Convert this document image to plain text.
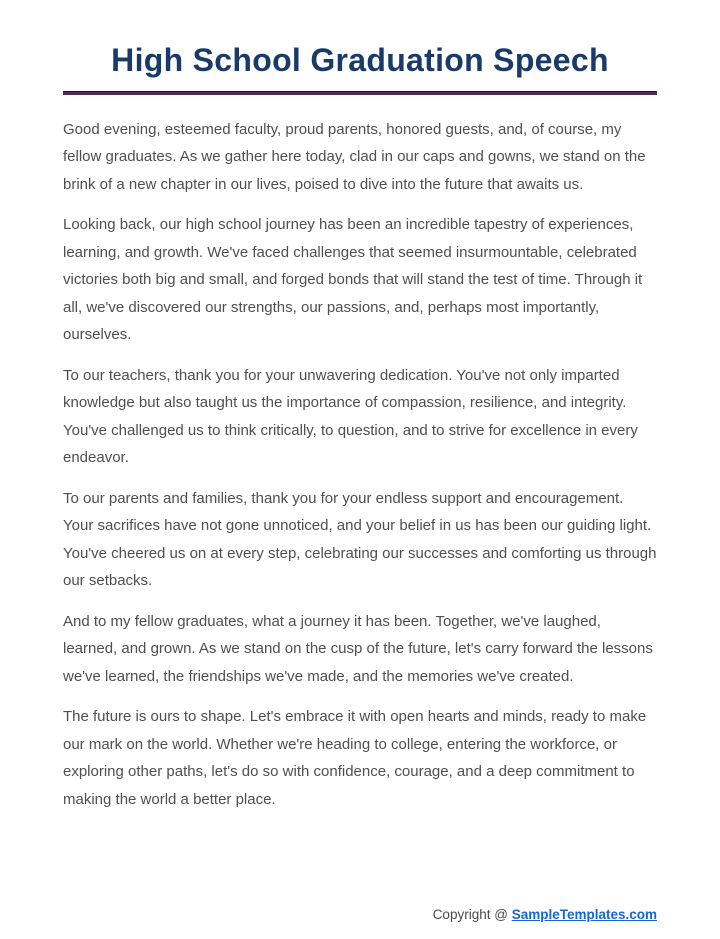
High School Graduation Speech

Good evening, esteemed faculty, proud parents, honored guests, and, of course, my fellow graduates. As we gather here today, clad in our caps and gowns, we stand on the brink of a new chapter in our lives, poised to dive into the future that awaits us.

Looking back, our high school journey has been an incredible tapestry of experiences, learning, and growth. We've faced challenges that seemed insurmountable, celebrated victories both big and small, and forged bonds that will stand the test of time. Through it all, we've discovered our strengths, our passions, and, perhaps most importantly, ourselves.

To our teachers, thank you for your unwavering dedication. You've not only imparted knowledge but also taught us the importance of compassion, resilience, and integrity. You've challenged us to think critically, to question, and to strive for excellence in every endeavor.

To our parents and families, thank you for your endless support and encouragement. Your sacrifices have not gone unnoticed, and your belief in us has been our guiding light. You've cheered us on at every step, celebrating our successes and comforting us through our setbacks.

And to my fellow graduates, what a journey it has been. Together, we've laughed, learned, and grown. As we stand on the cusp of the future, let's carry forward the lessons we've learned, the friendships we've made, and the memories we've created.

The future is ours to shape. Let's embrace it with open hearts and minds, ready to make our mark on the world. Whether we're heading to college, entering the workforce, or exploring other paths, let's do so with confidence, courage, and a deep commitment to making the world a better place.

Copyright @ SampleTemplates.com
